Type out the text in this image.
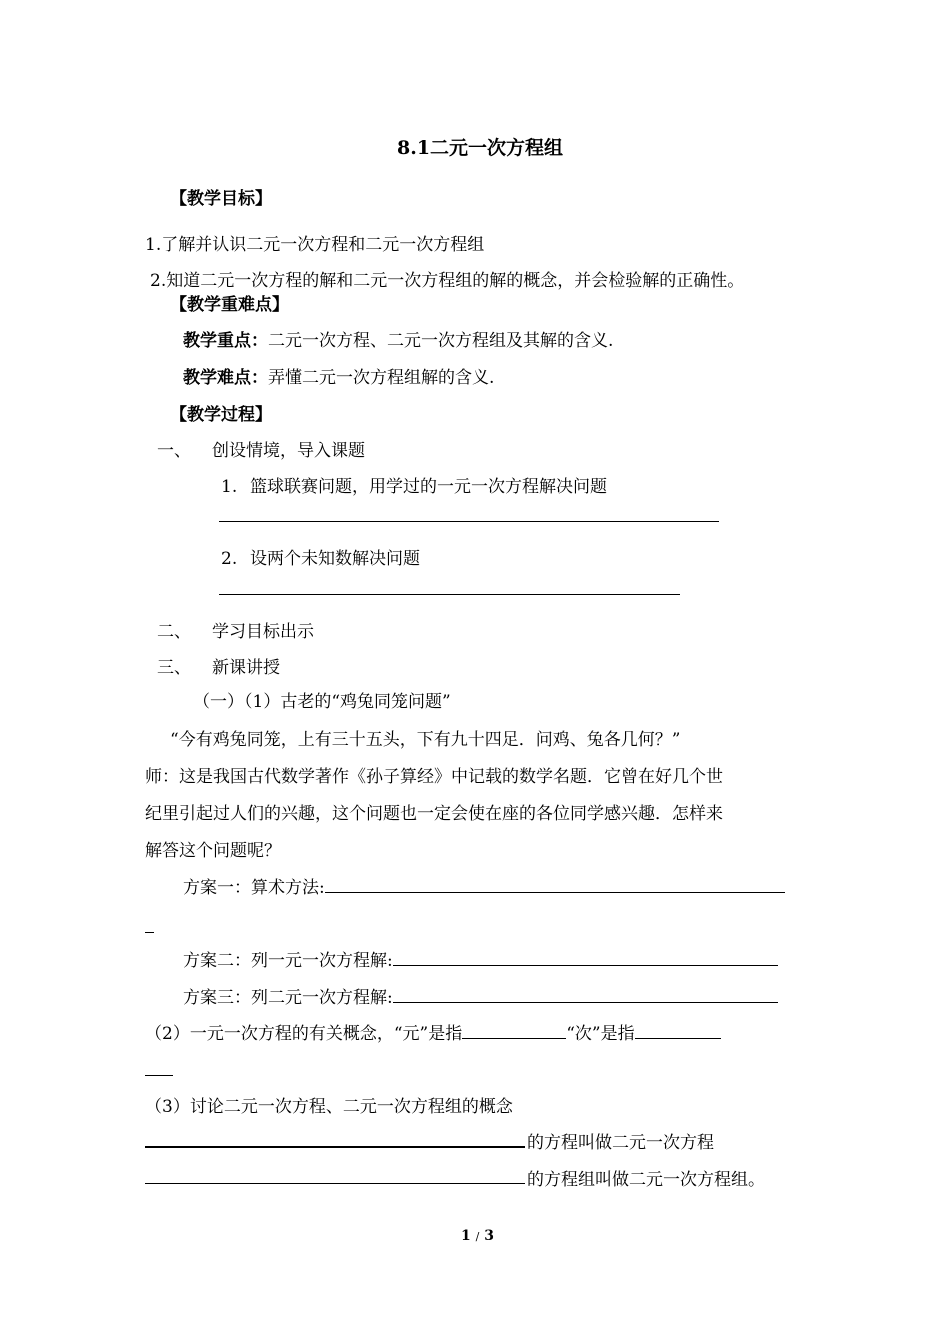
8.1二元一次方程组
【教学目标】
1.了解并认识二元一次方程和二元一次方程组
2.知道二元一次方程的解和二元一次方程组的解的概念，并会检验解的正确性。
【教学重难点】
教学重点：二元一次方程、二元一次方程组及其解的含义.
教学难点：弄懂二元一次方程组解的含义.
【教学过程】
一、 创设情境，导入课题
1. 篮球联赛问题，用学过的一元一次方程解决问题
2. 设两个未知数解决问题
二、 学习目标出示
三、 新课讲授
（一）（1）古老的“鸡兔同笼问题”
“今有鸡兔同笼，上有三十五头，下有九十四足．问鸡、兔各几何？”
师：这是我国古代数学著作《孙子算经》中记载的数学名题．它曾在好几个世
纪里引起过人们的兴趣，这个问题也一定会使在座的各位同学感兴趣．怎样来
解答这个问题呢？
方案一：算术方法:
方案二：列一元一次方程解:
方案三：列二元一次方程解:
（2）一元一次方程的有关概念，“元”是指	“次”是指
（3）讨论二元一次方程、二元一次方程组的概念
的方程叫做二元一次方程
的方程组叫做二元一次方程组。
1 / 3
